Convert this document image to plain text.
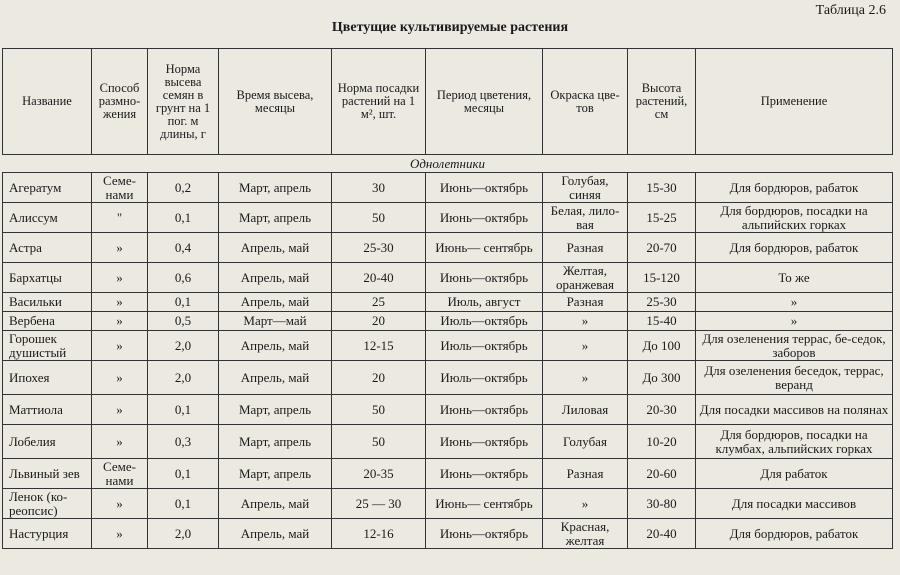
Таблица 2.6
Цветущие культивируемые растения
Название	Способ размно-жения	Норма высева семян в грунт на 1 пог. м длины, г	Время высева, месяцы	Норма посадки растений на 1 м², шт.	Период цветения, месяцы	Окраска цве-тов	Высота растений, см	Применение
Однолетники								
Агератум	Семе-нами	0,2	Март, апрель	30	Июнь—октябрь	Голубая, синяя	15-30	Для бордюров, рабаток
Алиссум	"	0,1	Март, апрель	50	Июнь—октябрь	Белая, лило-вая	15-25	Для бордюров, посадки на альпийских горках
Астра	»	0,4	Апрель, май	25-30	Июнь— сентябрь	Разная	20-70	Для бордюров, рабаток
Бархатцы	»	0,6	Апрель, май	20-40	Июнь—октябрь	Желтая, оранжевая	15-120	То же
Васильки	»	0,1	Апрель, май	25	Июль, август	Разная	25-30	»
Вербена	»	0,5	Март—май	20	Июль—октябрь	»	15-40	»
Горошек душистый	»	2,0	Апрель, май	12-15	Июль—октябрь	»	До 100	Для озеленения террас, бе-седок, заборов
Ипохея	»	2,0	Апрель, май	20	Июль—октябрь	»	До 300	Для озеленения беседок, террас, веранд
Маттиола	»	0,1	Март, апрель	50	Июнь—октябрь	Лиловая	20-30	Для посадки массивов на полянах
Лобелия	»	0,3	Март, апрель	50	Июнь—октябрь	Голубая	10-20	Для бордюров, посадки на клумбах, альпийских горках
Львиный зев	Семе-нами	0,1	Март, апрель	20-35	Июнь—октябрь	Разная	20-60	Для рабаток
Ленок (ко-реопсис)	»	0,1	Апрель, май	25 — 30	Июнь— сентябрь	»	30-80	Для посадки массивов
Настурция	»	2,0	Апрель, май	12-16	Июнь—октябрь	Красная, желтая	20-40	Для бордюров, рабаток
